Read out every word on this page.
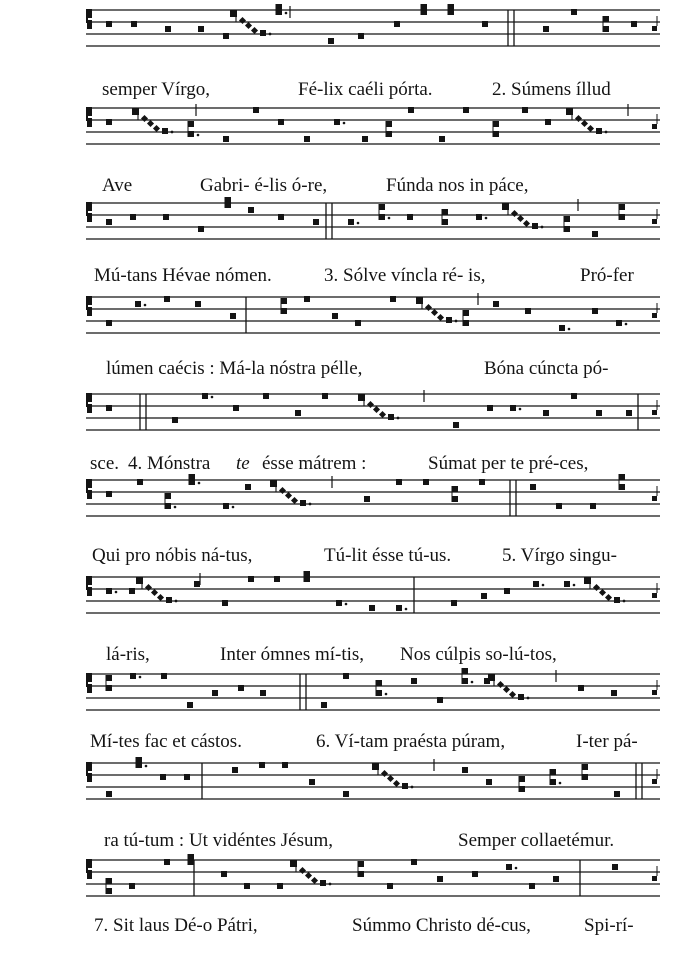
semper Vírgo,	Fé-lix caéli pórta.	2. Súmens íllud
Ave	Gabri- é-lis ó-re,	Fúnda nos in páce,
Mú-tans Hévae nómen.	3. Sólve víncla ré- is,	Pró-fer
lúmen caécis : Má-la nóstra pélle,	Bóna cúncta pó-
sce. 4. Mónstra te ésse mátrem :	Súmat per te pré-ces,
Qui pro nóbis ná-tus,	Tú-lit ésse tú-us.	5. Vírgo singu-
lá-ris,	Inter ómnes mí-tis, Nos cúlpis so-lú-tos,
Mí-tes fac et cástos.	6. Ví-tam praésta púram,	I-ter pá-
ra tú-tum : Ut vidéntes Jésum,	Semper collaetémur.
7. Sit laus Dé-o Pátri,	Súmmo Christo dé-cus,	Spi-rí-
